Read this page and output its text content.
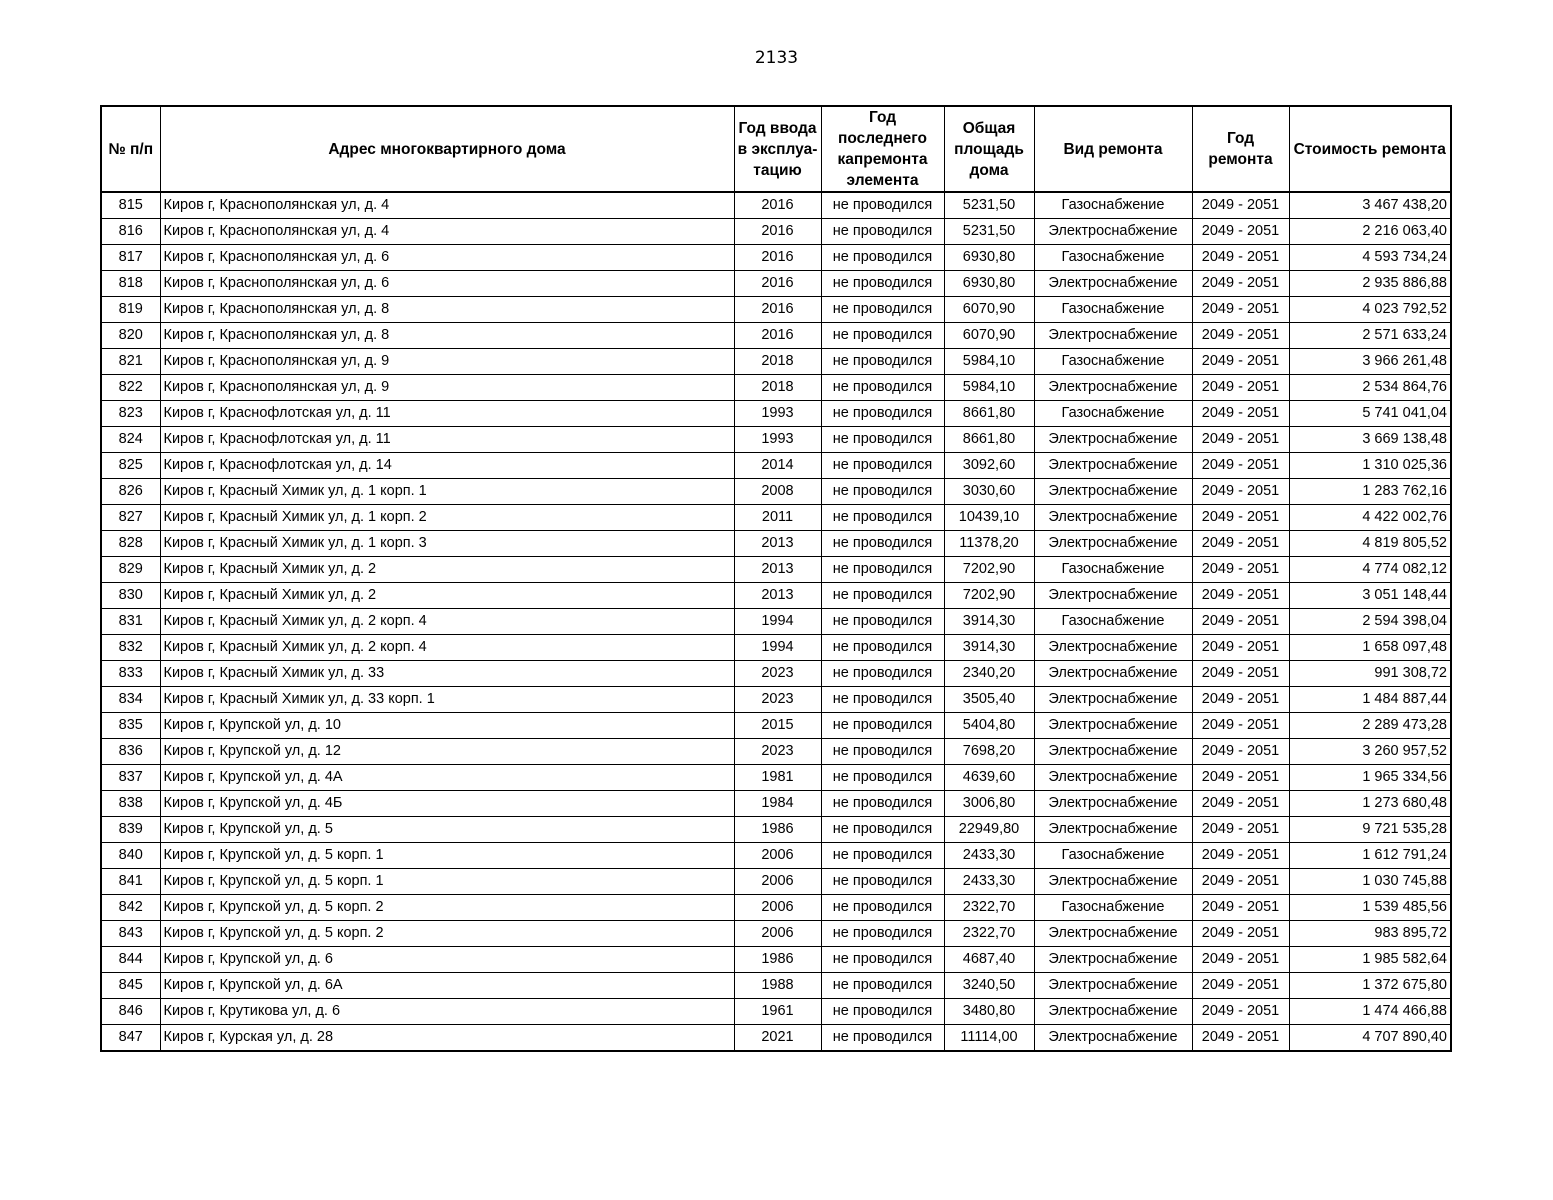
2133
№ п/п	Адрес многоквартирного дома	Год ввода в эксплуа-тацию	Год последнего капремонта элемента	Общая площадь дома	Вид ремонта	Год ремонта	Стоимость ремонта
815	Киров г, Краснополянская ул, д. 4	2016	не проводился	5231,50	Газоснабжение	2049 - 2051	3 467 438,20
816	Киров г, Краснополянская ул, д. 4	2016	не проводился	5231,50	Электроснабжение	2049 - 2051	2 216 063,40
817	Киров г, Краснополянская ул, д. 6	2016	не проводился	6930,80	Газоснабжение	2049 - 2051	4 593 734,24
818	Киров г, Краснополянская ул, д. 6	2016	не проводился	6930,80	Электроснабжение	2049 - 2051	2 935 886,88
819	Киров г, Краснополянская ул, д. 8	2016	не проводился	6070,90	Газоснабжение	2049 - 2051	4 023 792,52
820	Киров г, Краснополянская ул, д. 8	2016	не проводился	6070,90	Электроснабжение	2049 - 2051	2 571 633,24
821	Киров г, Краснополянская ул, д. 9	2018	не проводился	5984,10	Газоснабжение	2049 - 2051	3 966 261,48
822	Киров г, Краснополянская ул, д. 9	2018	не проводился	5984,10	Электроснабжение	2049 - 2051	2 534 864,76
823	Киров г, Краснофлотская ул, д. 11	1993	не проводился	8661,80	Газоснабжение	2049 - 2051	5 741 041,04
824	Киров г, Краснофлотская ул, д. 11	1993	не проводился	8661,80	Электроснабжение	2049 - 2051	3 669 138,48
825	Киров г, Краснофлотская ул, д. 14	2014	не проводился	3092,60	Электроснабжение	2049 - 2051	1 310 025,36
826	Киров г, Красный Химик ул, д. 1 корп. 1	2008	не проводился	3030,60	Электроснабжение	2049 - 2051	1 283 762,16
827	Киров г, Красный Химик ул, д. 1 корп. 2	2011	не проводился	10439,10	Электроснабжение	2049 - 2051	4 422 002,76
828	Киров г, Красный Химик ул, д. 1 корп. 3	2013	не проводился	11378,20	Электроснабжение	2049 - 2051	4 819 805,52
829	Киров г, Красный Химик ул, д. 2	2013	не проводился	7202,90	Газоснабжение	2049 - 2051	4 774 082,12
830	Киров г, Красный Химик ул, д. 2	2013	не проводился	7202,90	Электроснабжение	2049 - 2051	3 051 148,44
831	Киров г, Красный Химик ул, д. 2 корп. 4	1994	не проводился	3914,30	Газоснабжение	2049 - 2051	2 594 398,04
832	Киров г, Красный Химик ул, д. 2 корп. 4	1994	не проводился	3914,30	Электроснабжение	2049 - 2051	1 658 097,48
833	Киров г, Красный Химик ул, д. 33	2023	не проводился	2340,20	Электроснабжение	2049 - 2051	991 308,72
834	Киров г, Красный Химик ул, д. 33 корп. 1	2023	не проводился	3505,40	Электроснабжение	2049 - 2051	1 484 887,44
835	Киров г, Крупской ул, д. 10	2015	не проводился	5404,80	Электроснабжение	2049 - 2051	2 289 473,28
836	Киров г, Крупской ул, д. 12	2023	не проводился	7698,20	Электроснабжение	2049 - 2051	3 260 957,52
837	Киров г, Крупской ул, д. 4А	1981	не проводился	4639,60	Электроснабжение	2049 - 2051	1 965 334,56
838	Киров г, Крупской ул, д. 4Б	1984	не проводился	3006,80	Электроснабжение	2049 - 2051	1 273 680,48
839	Киров г, Крупской ул, д. 5	1986	не проводился	22949,80	Электроснабжение	2049 - 2051	9 721 535,28
840	Киров г, Крупской ул, д. 5 корп. 1	2006	не проводился	2433,30	Газоснабжение	2049 - 2051	1 612 791,24
841	Киров г, Крупской ул, д. 5 корп. 1	2006	не проводился	2433,30	Электроснабжение	2049 - 2051	1 030 745,88
842	Киров г, Крупской ул, д. 5 корп. 2	2006	не проводился	2322,70	Газоснабжение	2049 - 2051	1 539 485,56
843	Киров г, Крупской ул, д. 5 корп. 2	2006	не проводился	2322,70	Электроснабжение	2049 - 2051	983 895,72
844	Киров г, Крупской ул, д. 6	1986	не проводился	4687,40	Электроснабжение	2049 - 2051	1 985 582,64
845	Киров г, Крупской ул, д. 6А	1988	не проводился	3240,50	Электроснабжение	2049 - 2051	1 372 675,80
846	Киров г, Крутикова ул, д. 6	1961	не проводился	3480,80	Электроснабжение	2049 - 2051	1 474 466,88
847	Киров г, Курская ул, д. 28	2021	не проводился	11114,00	Электроснабжение	2049 - 2051	4 707 890,40
